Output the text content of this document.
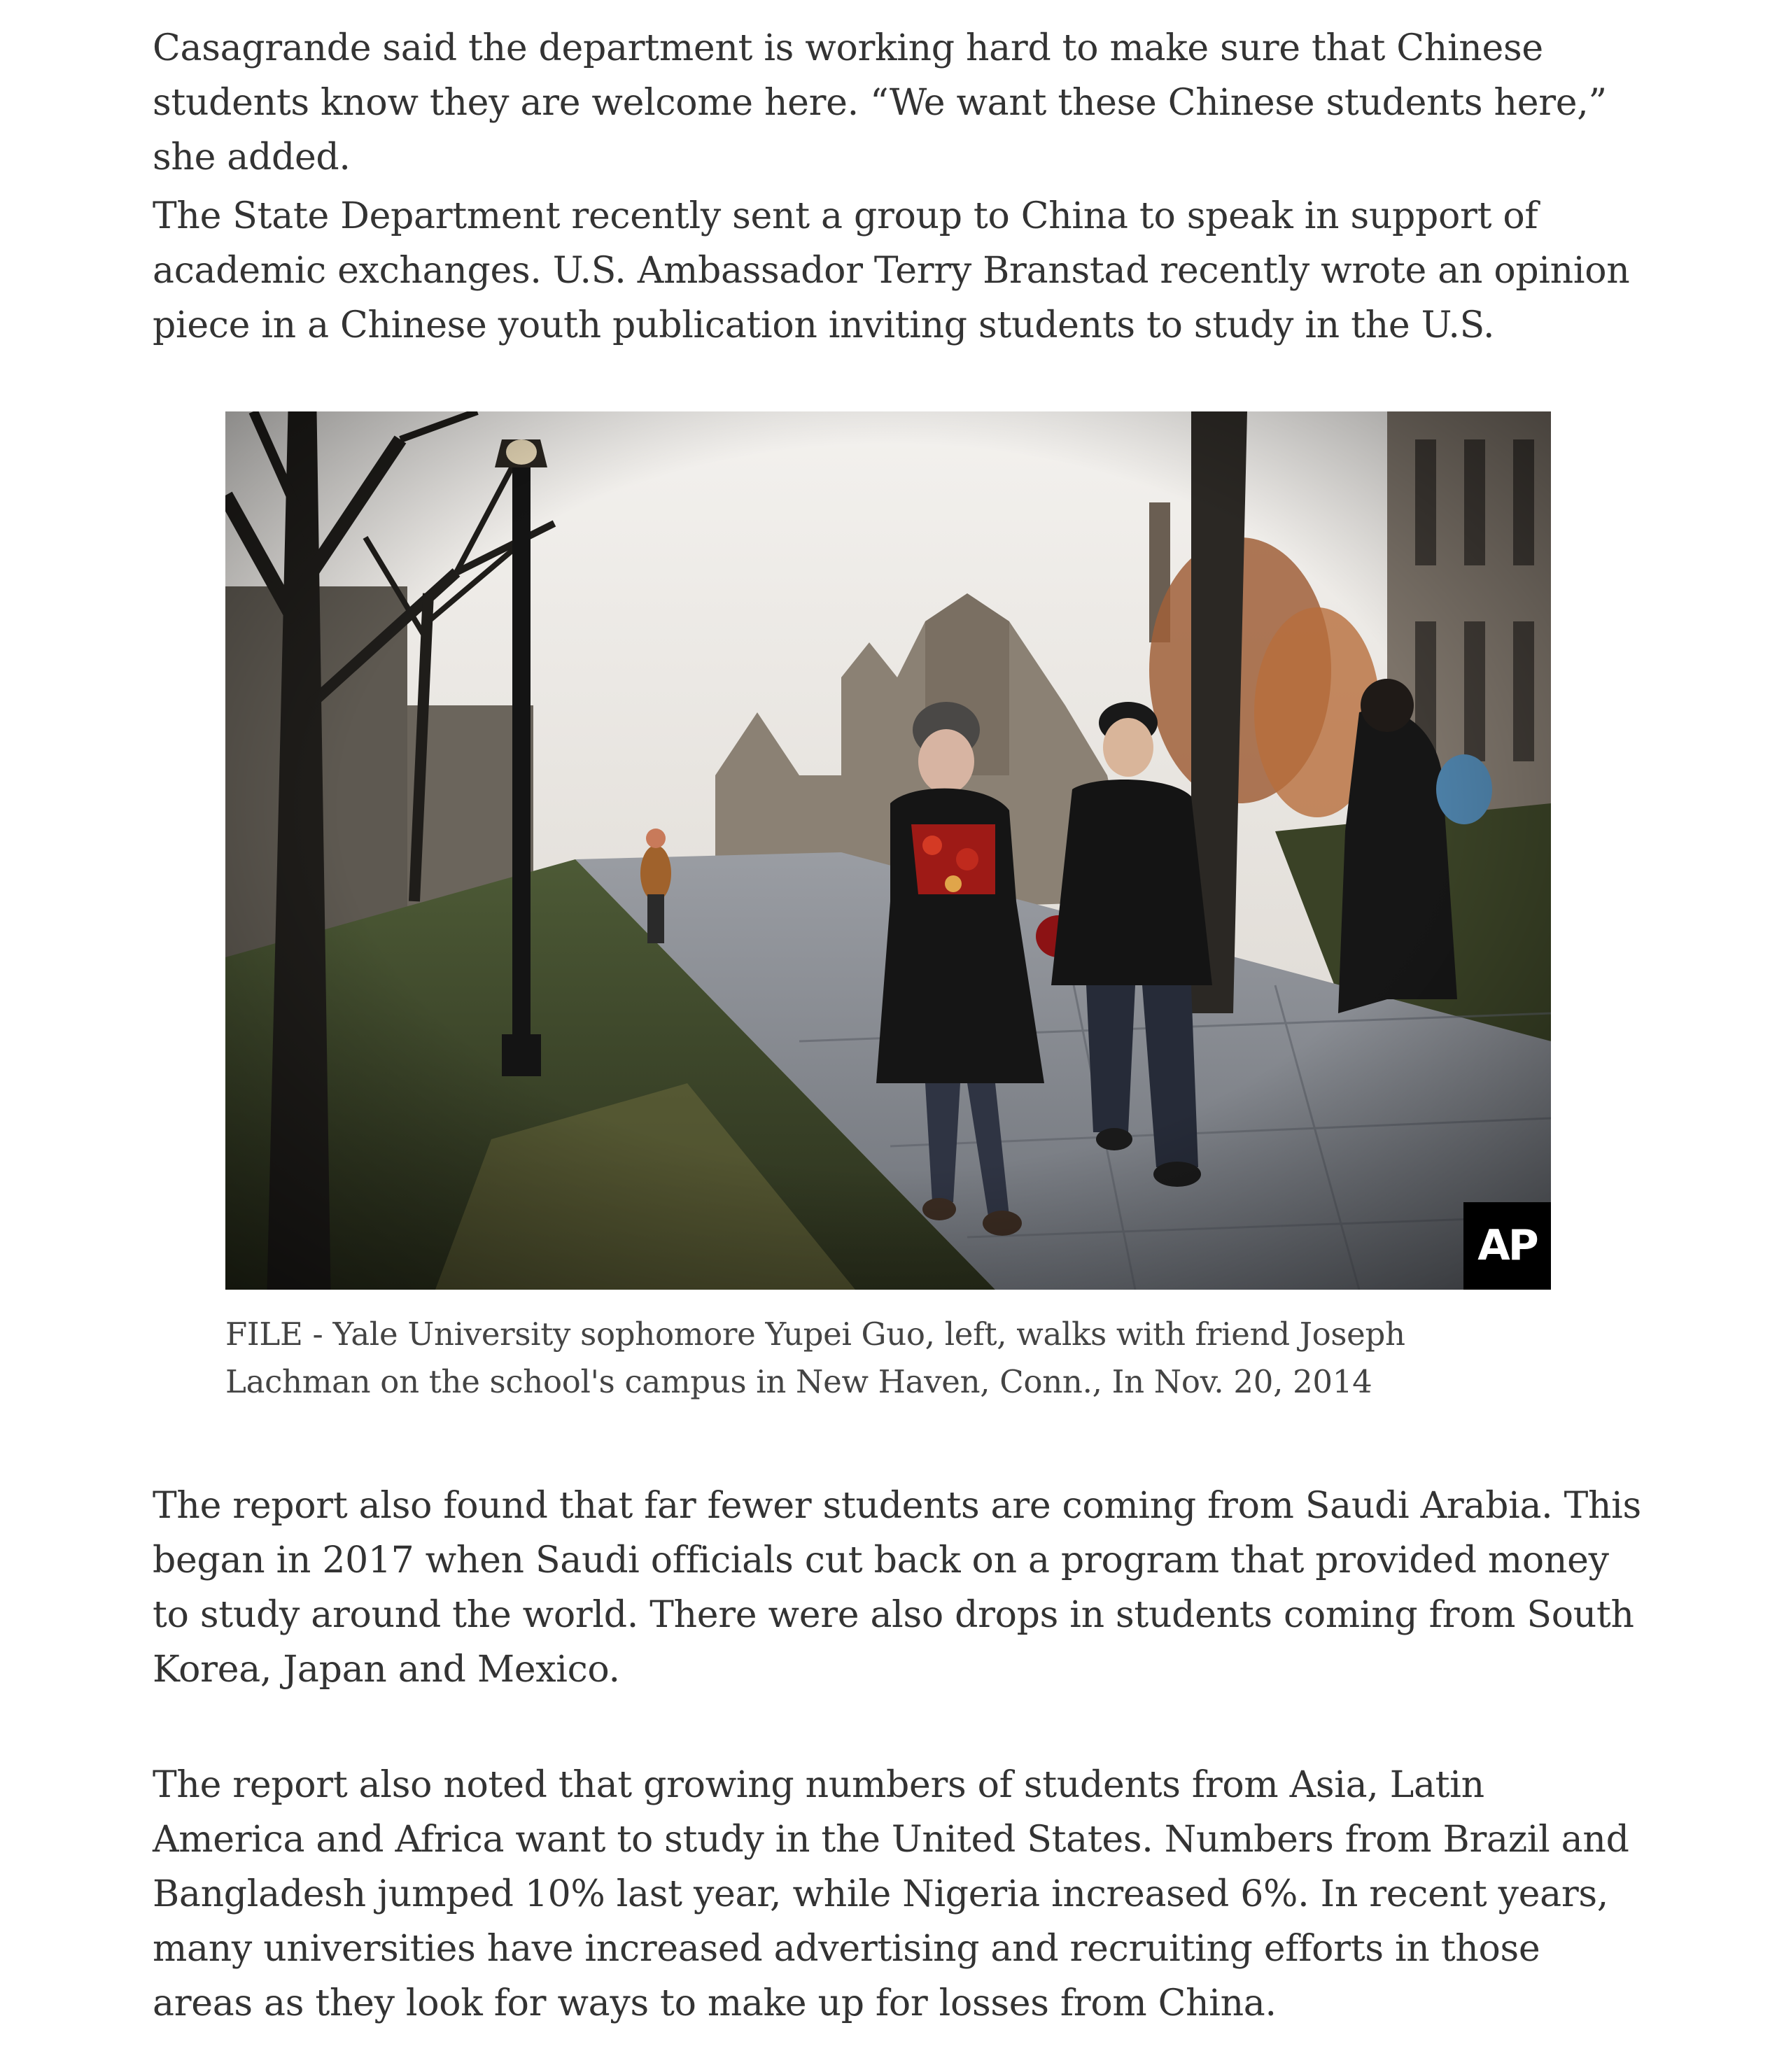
Casagrande said the department is working hard to make sure that Chinese students know they are welcome here. “We want these Chinese students here,” she added.

The State Department recently sent a group to China to speak in support of academic exchanges. U.S. Ambassador Terry Branstad recently wrote an opinion piece in a Chinese youth publication inviting students to study in the U.S.

The report also found that far fewer students are coming from Saudi Arabia. This began in 2017 when Saudi officials cut back on a program that provided money to study around the world. There were also drops in students coming from South Korea, Japan and Mexico.

The report also noted that growing numbers of students from Asia, Latin America and Africa want to study in the United States. Numbers from Brazil and Bangladesh jumped 10% last year, while Nigeria increased 6%. In recent years, many universities have increased advertising and recruiting efforts in those areas as they look for ways to make up for losses from China.

AP

FILE - Yale University sophomore Yupei Guo, left, walks with friend Joseph Lachman on the school's campus in New Haven, Conn., In Nov. 20, 2014
